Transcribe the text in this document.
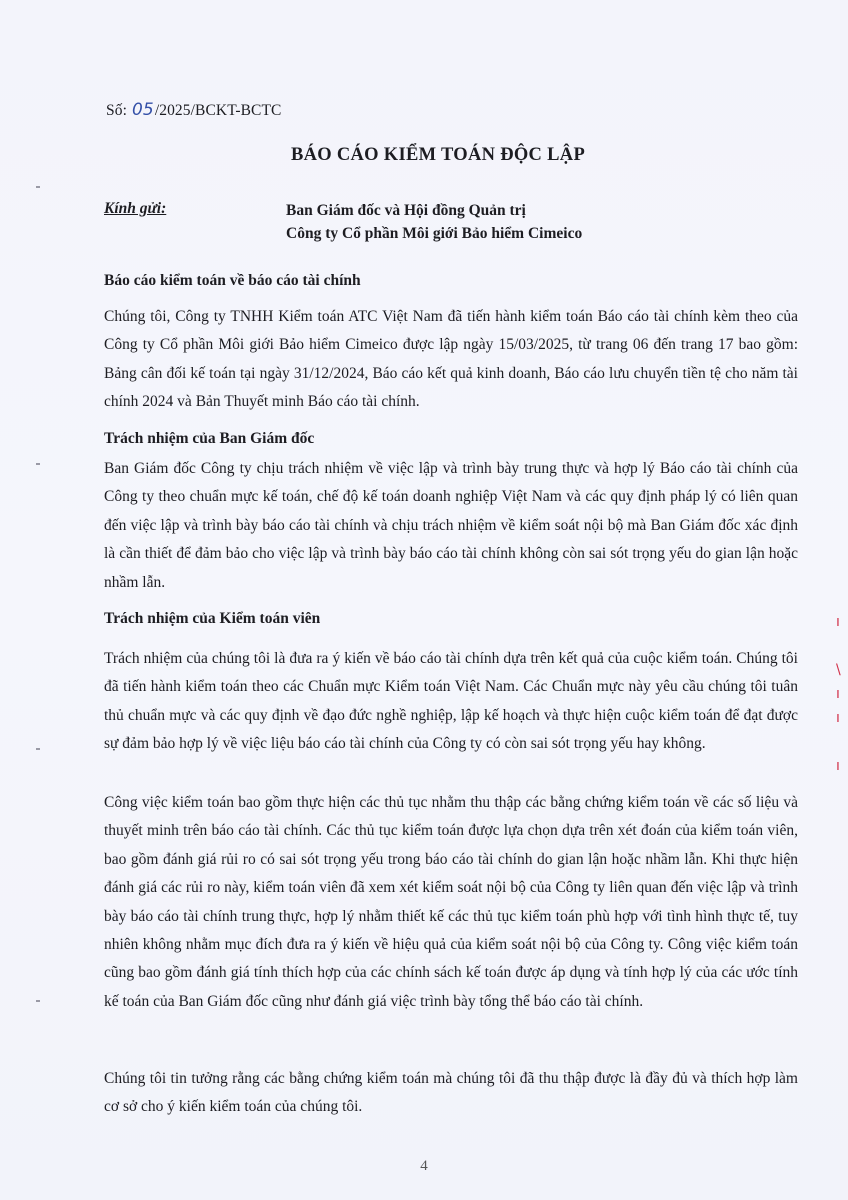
Số: 05/2025/BCKT-BCTC
BÁO CÁO KIỂM TOÁN ĐỘC LẬP
Kính gửi:	Ban Giám đốc và Hội đồng Quản trị
Công ty Cổ phần Môi giới Bảo hiểm Cimeico
Báo cáo kiểm toán về báo cáo tài chính
Chúng tôi, Công ty TNHH Kiểm toán ATC Việt Nam đã tiến hành kiểm toán Báo cáo tài chính kèm theo của Công ty Cổ phần Môi giới Bảo hiểm Cimeico được lập ngày 15/03/2025, từ trang 06 đến trang 17 bao gồm: Bảng cân đối kế toán tại ngày 31/12/2024, Báo cáo kết quả kinh doanh, Báo cáo lưu chuyển tiền tệ cho năm tài chính 2024 và Bản Thuyết minh Báo cáo tài chính.
Trách nhiệm của Ban Giám đốc
Ban Giám đốc Công ty chịu trách nhiệm về việc lập và trình bày trung thực và hợp lý Báo cáo tài chính của Công ty theo chuẩn mực kế toán, chế độ kế toán doanh nghiệp Việt Nam và các quy định pháp lý có liên quan đến việc lập và trình bày báo cáo tài chính và chịu trách nhiệm về kiểm soát nội bộ mà Ban Giám đốc xác định là cần thiết để đảm bảo cho việc lập và trình bày báo cáo tài chính không còn sai sót trọng yếu do gian lận hoặc nhầm lẫn.
Trách nhiệm của Kiểm toán viên
Trách nhiệm của chúng tôi là đưa ra ý kiến về báo cáo tài chính dựa trên kết quả của cuộc kiểm toán. Chúng tôi đã tiến hành kiểm toán theo các Chuẩn mực Kiểm toán Việt Nam. Các Chuẩn mực này yêu cầu chúng tôi tuân thủ chuẩn mực và các quy định về đạo đức nghề nghiệp, lập kế hoạch và thực hiện cuộc kiểm toán để đạt được sự đảm bảo hợp lý về việc liệu báo cáo tài chính của Công ty có còn sai sót trọng yếu hay không.
Công việc kiểm toán bao gồm thực hiện các thủ tục nhằm thu thập các bằng chứng kiểm toán về các số liệu và thuyết minh trên báo cáo tài chính. Các thủ tục kiểm toán được lựa chọn dựa trên xét đoán của kiểm toán viên, bao gồm đánh giá rủi ro có sai sót trọng yếu trong báo cáo tài chính do gian lận hoặc nhầm lẫn. Khi thực hiện đánh giá các rủi ro này, kiểm toán viên đã xem xét kiểm soát nội bộ của Công ty liên quan đến việc lập và trình bày báo cáo tài chính trung thực, hợp lý nhằm thiết kế các thủ tục kiểm toán phù hợp với tình hình thực tế, tuy nhiên không nhằm mục đích đưa ra ý kiến về hiệu quả của kiểm soát nội bộ của Công ty. Công việc kiểm toán cũng bao gồm đánh giá tính thích hợp của các chính sách kế toán được áp dụng và tính hợp lý của các ước tính kế toán của Ban Giám đốc cũng như đánh giá việc trình bày tổng thể báo cáo tài chính.
Chúng tôi tin tưởng rằng các bằng chứng kiểm toán mà chúng tôi đã thu thập được là đầy đủ và thích hợp làm cơ sở cho ý kiến kiểm toán của chúng tôi.
4
ı
\
ı
ı
ı
